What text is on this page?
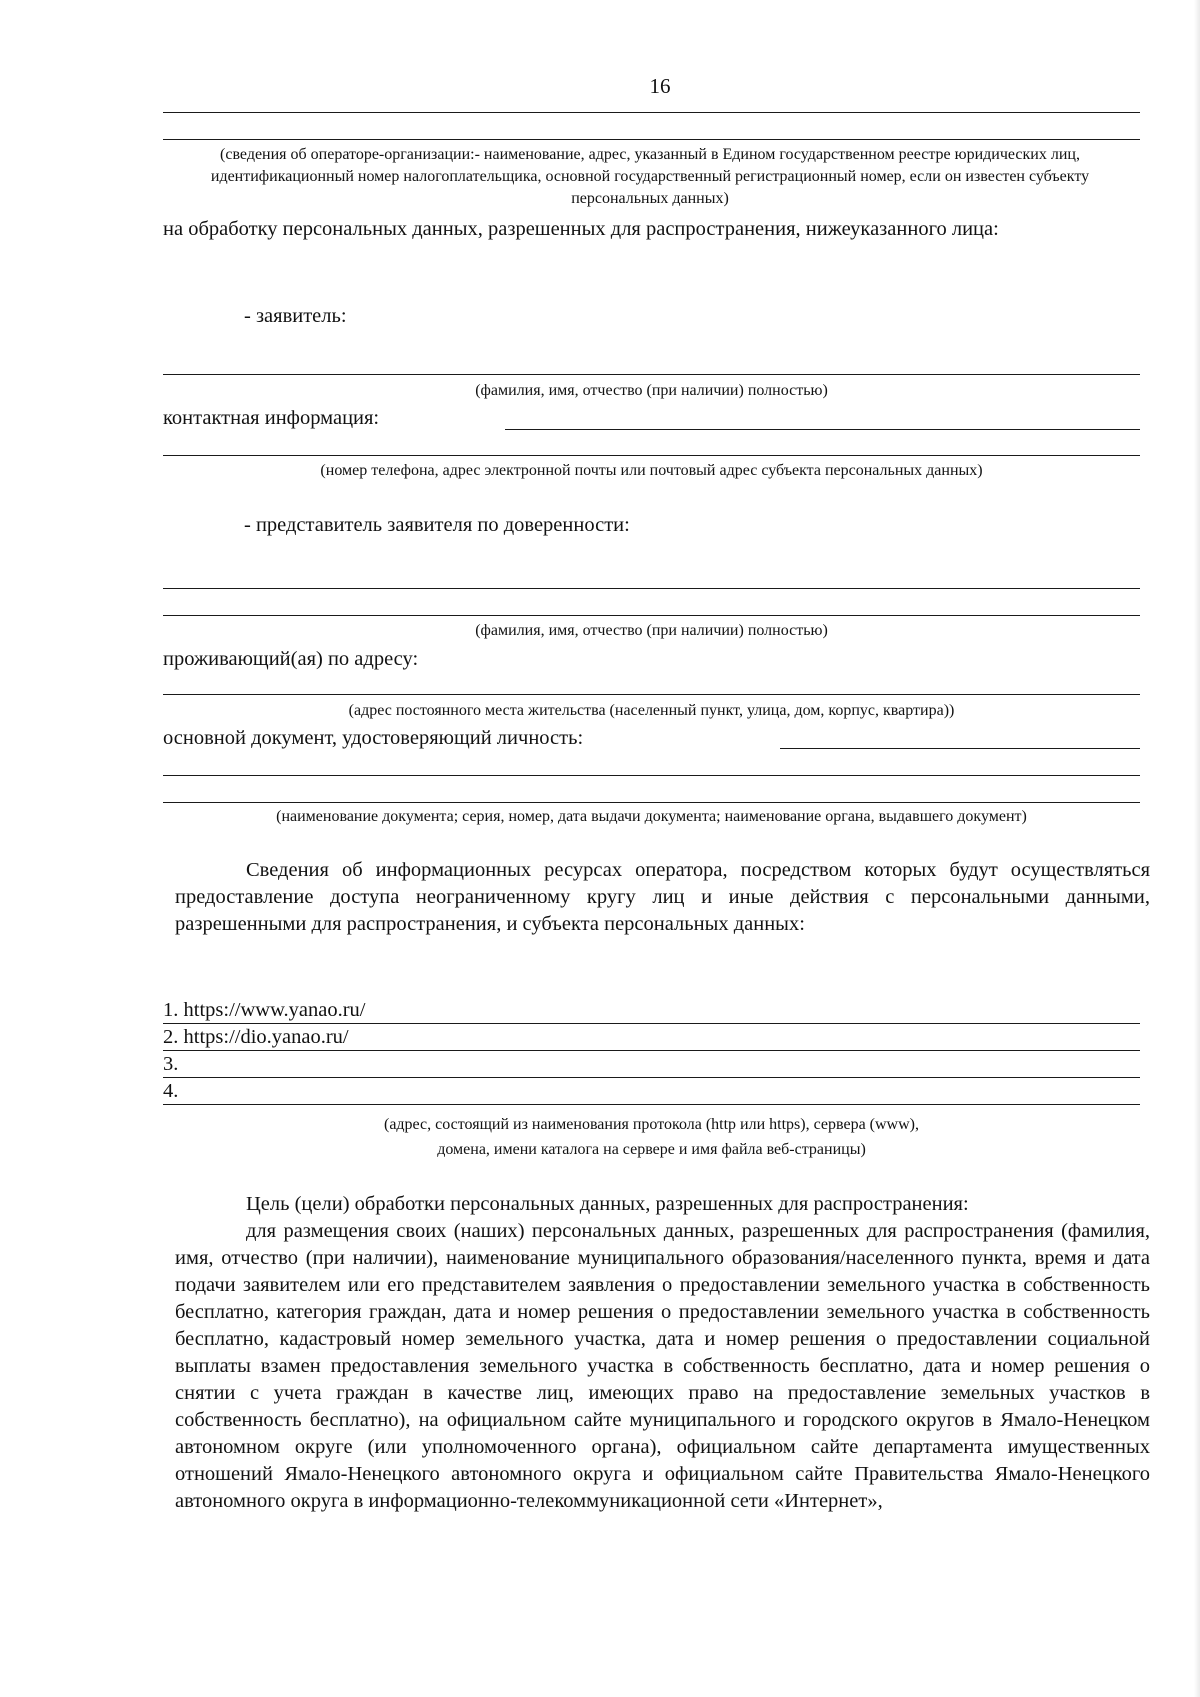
16
(сведения об операторе-организации:- наименование, адрес, указанный в Едином государственном реестре юридических лиц, идентификационный номер налогоплательщика, основной государственный регистрационный номер, если он известен субъекту персональных данных)
на обработку персональных данных, разрешенных для распространения, нижеуказанного лица:
- заявитель:
(фамилия, имя, отчество (при наличии) полностью)
контактная информация:
(номер телефона, адрес электронной почты или почтовый адрес субъекта персональных данных)
- представитель заявителя по доверенности:
(фамилия, имя, отчество (при наличии) полностью)
проживающий(ая) по адресу:
(адрес постоянного места жительства (населенный пункт, улица, дом, корпус, квартира))
основной документ, удостоверяющий личность:
(наименование документа; серия, номер, дата выдачи документа; наименование органа, выдавшего документ)
Сведения об информационных ресурсах оператора, посредством которых будут осуществляться предоставление доступа неограниченному кругу лиц и иные действия с персональными данными, разрешенными для распространения, и субъекта персональных данных:
1. https://www.yanao.ru/
2. https://dio.yanao.ru/
3.
4.
(адрес, состоящий из наименования протокола (http или https), сервера (www),
домена, имени каталога на сервере и имя файла веб-страницы)
Цель (цели) обработки персональных данных, разрешенных для распространения:
для размещения своих (наших) персональных данных, разрешенных для распространения (фамилия, имя, отчество (при наличии), наименование муниципального образования/населенного пункта, время и дата подачи заявителем или его представителем заявления о предоставлении земельного участка в собственность бесплатно, категория граждан, дата и номер решения о предоставлении земельного участка в собственность бесплатно, кадастровый номер земельного участка, дата и номер решения о предоставлении социальной выплаты взамен предоставления земельного участка в собственность бесплатно, дата и номер решения о снятии с учета граждан в качестве лиц, имеющих право на предоставление земельных участков в собственность бесплатно), на официальном сайте муниципального и городского округов в Ямало-Ненецком автономном округе (или уполномоченного органа), официальном сайте департамента имущественных отношений Ямало-Ненецкого автономного округа и официальном сайте Правительства Ямало-Ненецкого автономного округа в информационно-телекоммуникационной сети «Интернет»,
